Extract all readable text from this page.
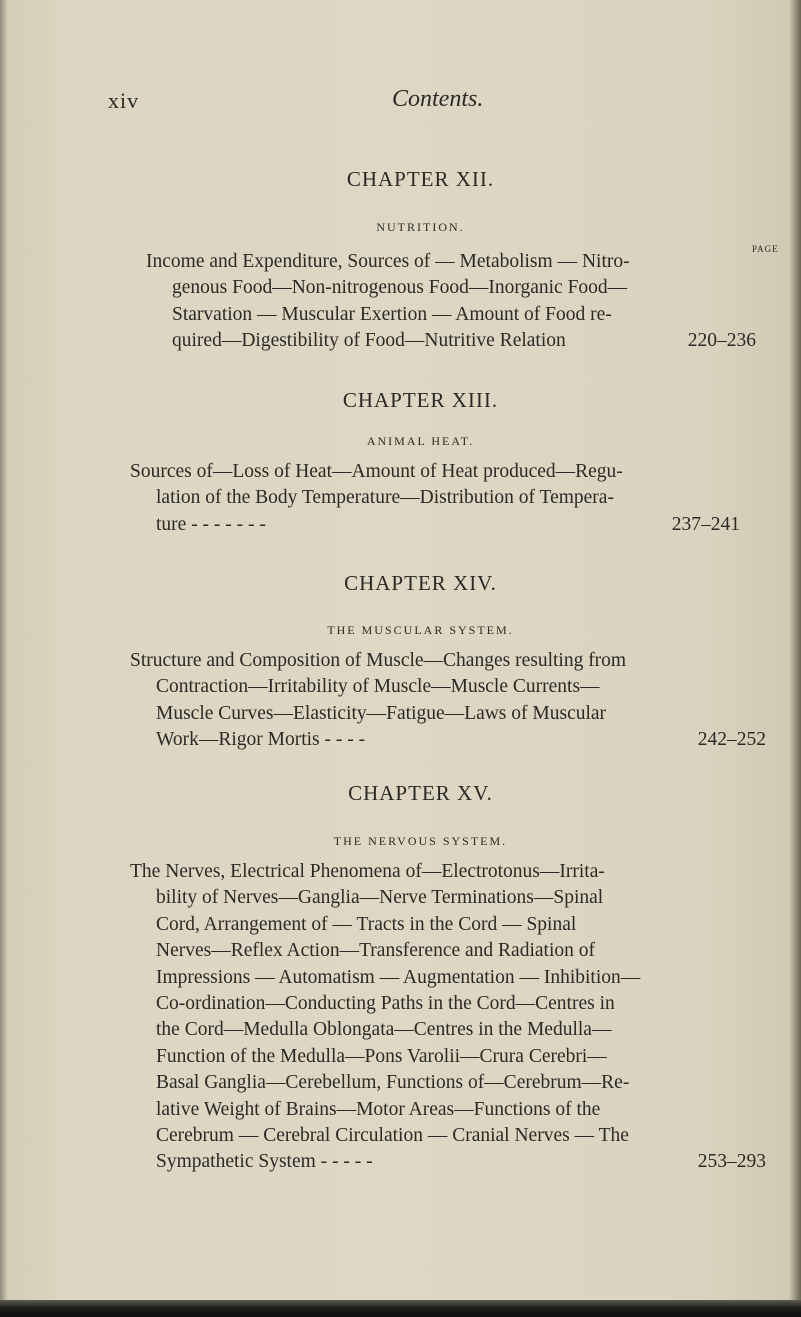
xiv	Contents.
CHAPTER XII.
NUTRITION.
PAGE
Income and Expenditure, Sources of — Metabolism — Nitro-
genous Food—Non-nitrogenous Food—Inorganic Food—
Starvation — Muscular Exertion — Amount of Food re-
quired—Digestibility of Food—Nutritive Relation	220–236
CHAPTER XIII.
ANIMAL HEAT.
Sources of—Loss of Heat—Amount of Heat produced—Regu-
lation of the Body Temperature—Distribution of Tempera-
ture - - - - - - -	237–241
CHAPTER XIV.
THE MUSCULAR SYSTEM.
Structure and Composition of Muscle—Changes resulting from
Contraction—Irritability of Muscle—Muscle Currents—
Muscle Curves—Elasticity—Fatigue—Laws of Muscular
Work—Rigor Mortis - - - -	242–252
CHAPTER XV.
THE NERVOUS SYSTEM.
The Nerves, Electrical Phenomena of—Electrotonus—Irrita-
bility of Nerves—Ganglia—Nerve Terminations—Spinal
Cord, Arrangement of — Tracts in the Cord — Spinal
Nerves—Reflex Action—Transference and Radiation of
Impressions — Automatism — Augmentation — Inhibition—
Co-ordination—Conducting Paths in the Cord—Centres in
the Cord—Medulla Oblongata—Centres in the Medulla—
Function of the Medulla—Pons Varolii—Crura Cerebri—
Basal Ganglia—Cerebellum, Functions of—Cerebrum—Re-
lative Weight of Brains—Motor Areas—Functions of the
Cerebrum — Cerebral Circulation — Cranial Nerves — The
Sympathetic System - - - - -	253–293
